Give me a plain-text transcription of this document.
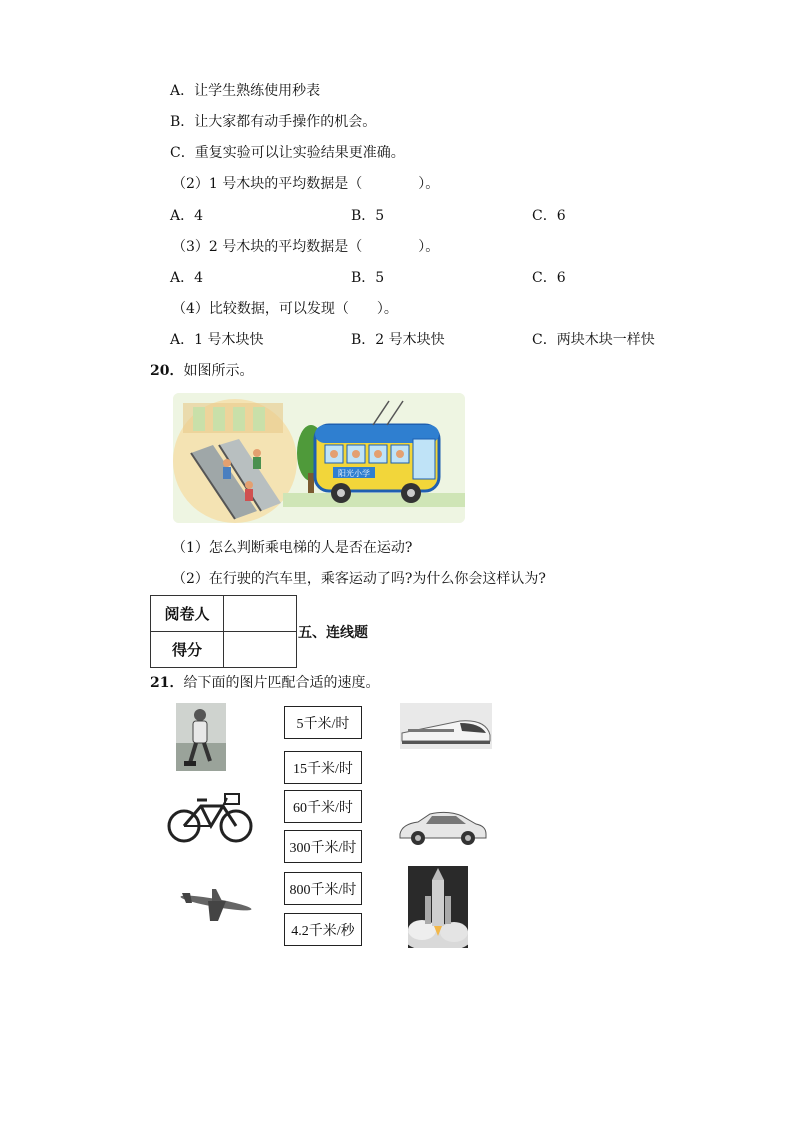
A．让学生熟练使用秒表
B．让大家都有动手操作的机会。
C．重复实验可以让实验结果更准确。
（2）1 号木块的平均数据是（　　　　）。
A．4	B．5	C．6
（3）2 号木块的平均数据是（　　　　）。
A．4	B．5	C．6
（4）比较数据，可以发现（　　）。
A．1 号木块快	B．2 号木块快	C．两块木块一样快
20．如图所示。
阳光小学
（1）怎么判断乘电梯的人是否在运动?
（2）在行驶的汽车里，乘客运动了吗?为什么你会这样认为?
阅卷人	
得分	
五、连线题
21．给下面的图片匹配合适的速度。
5千米/时
15千米/时
60千米/时
300千米/时
800千米/时
4.2千米/秒
